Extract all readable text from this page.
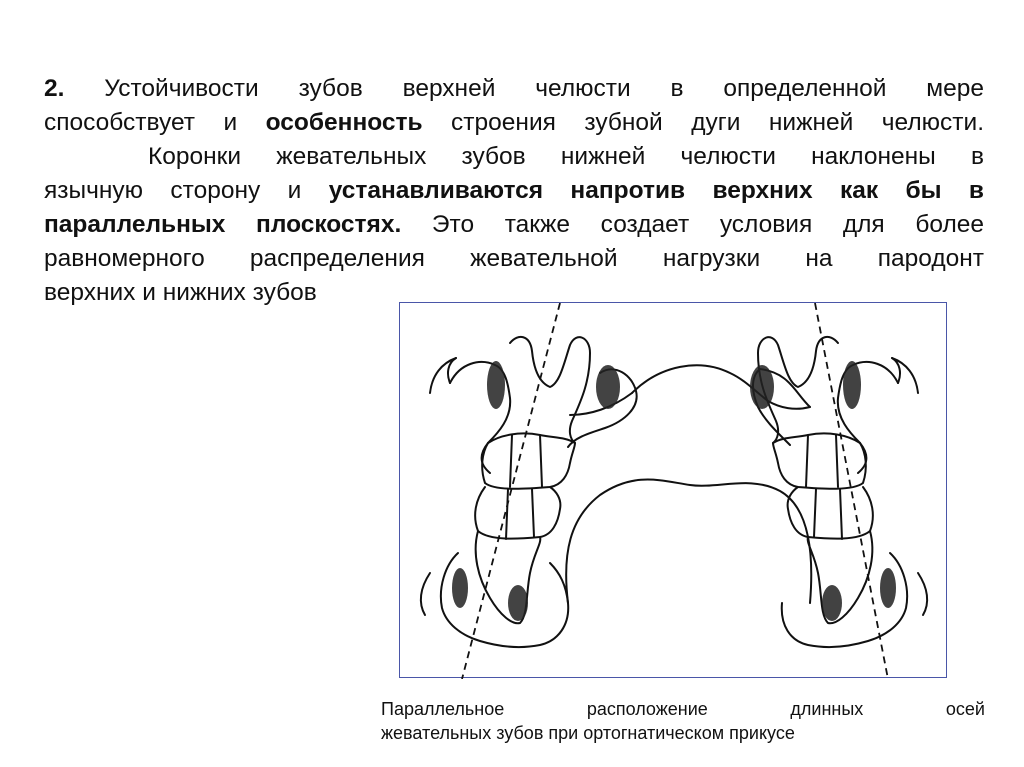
2. Устойчивости зубов верхней челюсти в определенной мере
способствует и особенность строения зубной дуги нижней челюсти.
Коронки жевательных зубов нижней челюсти наклонены в
язычную сторону и устанавливаются напротив верхних как бы в
параллельных плоскостях. Это также создает условия для более
равномерного распределения жевательной нагрузки на пародонт
верхних и нижних зубов
Параллельное расположение длинных осей
жевательных зубов при ортогнатическом прикусе
